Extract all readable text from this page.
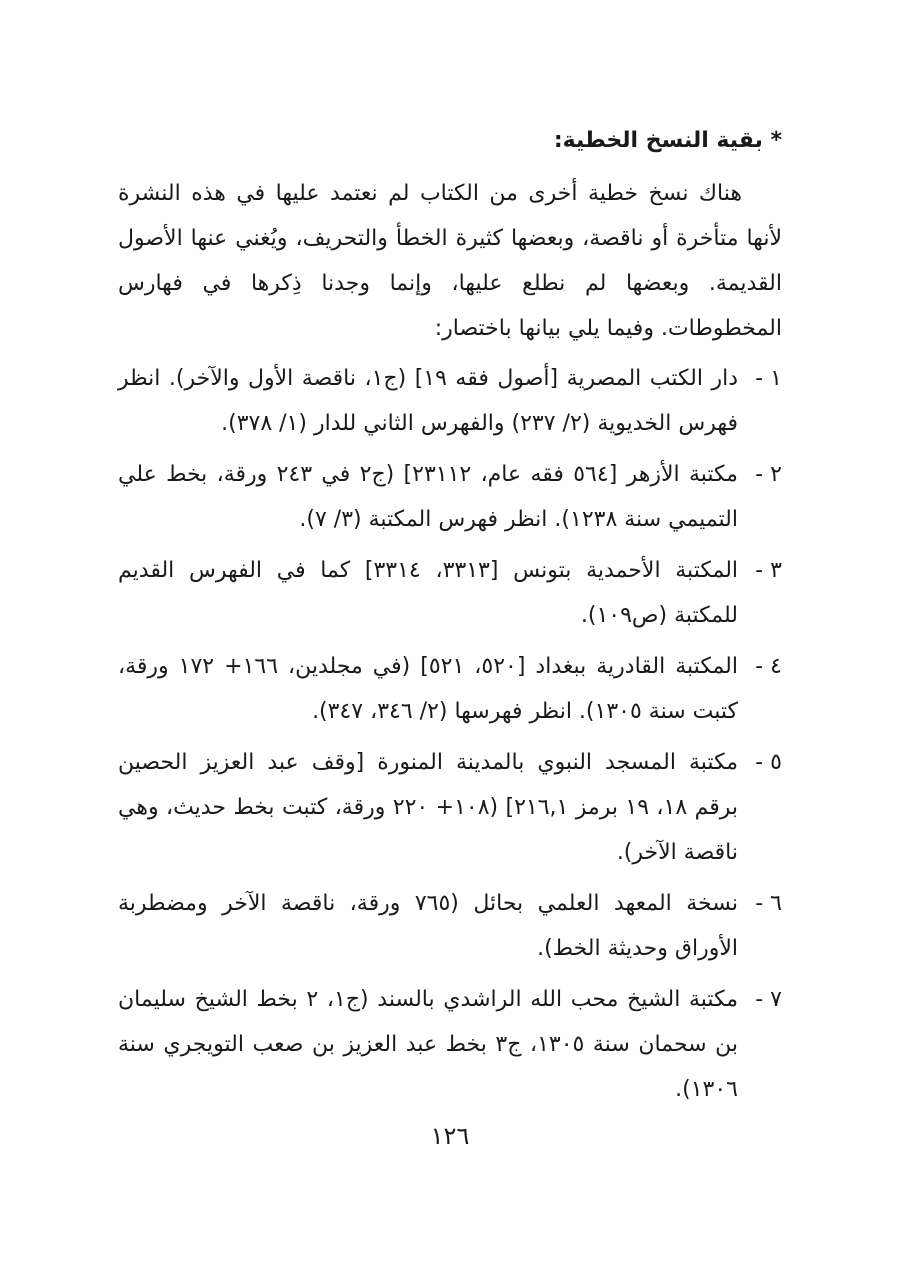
* بقية النسخ الخطية:

هناك نسخ خطية أخرى من الكتاب لم نعتمد عليها في هذه النشرة لأنها متأخرة أو ناقصة، وبعضها كثيرة الخطأ والتحريف، ويُغني عنها الأصول القديمة. وبعضها لم نطلع عليها، وإنما وجدنا ذِكرها في فهارس المخطوطات. وفيما يلي بيانها باختصار:

١ -
دار الكتب المصرية [أصول فقه ١٩] (ج١، ناقصة الأول والآخر). انظر فهرس الخديوية (٢/ ٢٣٧) والفهرس الثاني للدار (١/ ٣٧٨).
٢ -
مكتبة الأزهر [٥٦٤ فقه عام، ٢٣١١٢] (ج٢ في ٢٤٣ ورقة، بخط علي التميمي سنة ١٢٣٨). انظر فهرس المكتبة (٣/ ٧).
٣ -
المكتبة الأحمدية بتونس [٣٣١٣، ٣٣١٤] كما في الفهرس القديم للمكتبة (ص١٠٩).
٤ -
المكتبة القادرية ببغداد [٥٢٠، ٥٢١] (في مجلدين، ١٦٦+ ١٧٢ ورقة، كتبت سنة ١٣٠٥). انظر فهرسها (٢/ ٣٤٦، ٣٤٧).
٥ -
مكتبة المسجد النبوي بالمدينة المنورة [وقف عبد العزيز الحصين برقم ١٨، ١٩ برمز ٢١٦,١] (١٠٨+ ٢٢٠ ورقة، كتبت بخط حديث، وهي ناقصة الآخر).
٦ -
نسخة المعهد العلمي بحائل (٧٦٥ ورقة، ناقصة الآخر ومضطربة الأوراق وحديثة الخط).
٧ -
مكتبة الشيخ محب الله الراشدي بالسند (ج١، ٢ بخط الشيخ سليمان بن سحمان سنة ١٣٠٥، ج٣ بخط عبد العزيز بن صعب التويجري سنة ١٣٠٦).
١٢٦
